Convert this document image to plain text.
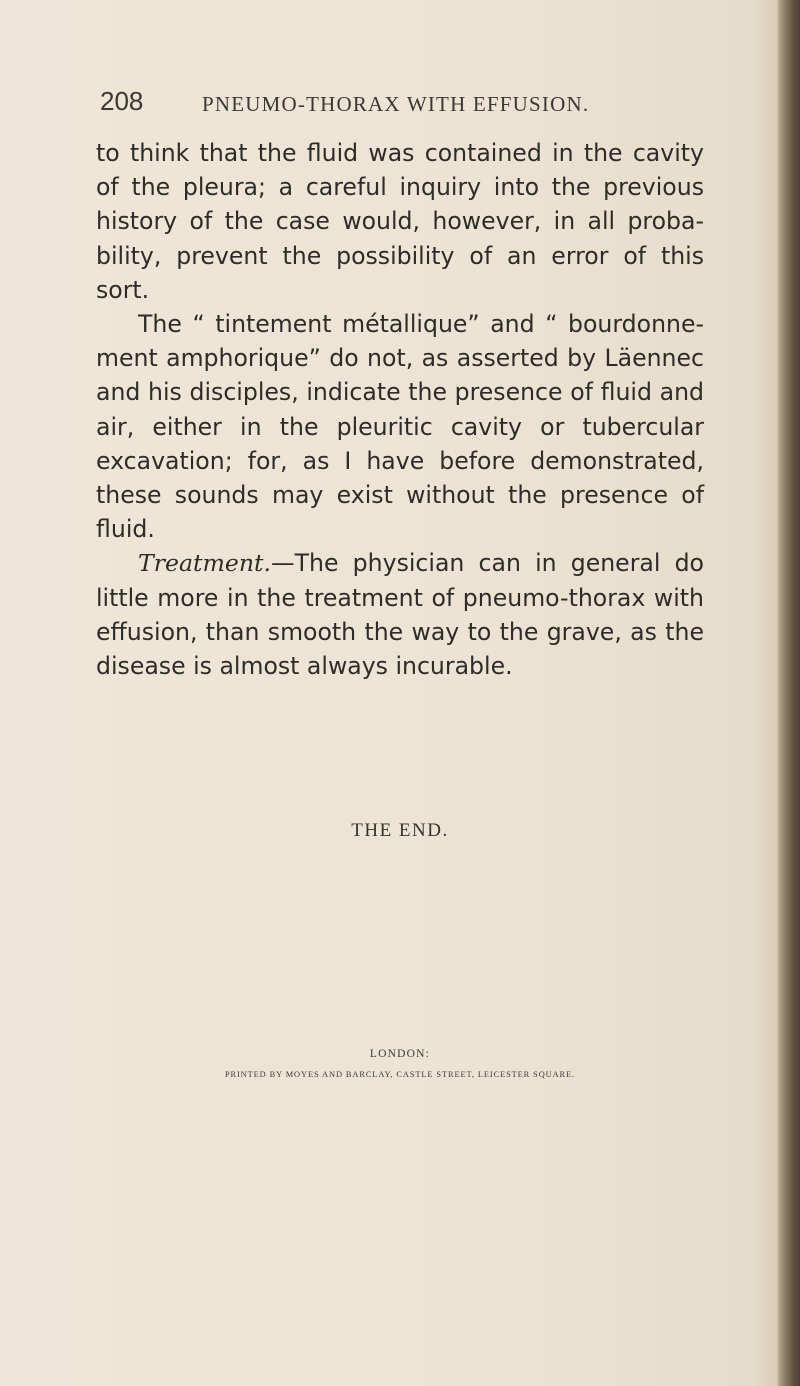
208	PNEUMO-THORAX WITH EFFUSION.
to think that the fluid was contained in the cavity
of the pleura; a careful inquiry into the previous
history of the case would, however, in all proba-
bility, prevent the possibility of an error of this
sort.
The “ tintement métallique” and “ bourdonne-
ment amphorique” do not, as asserted by Läennec
and his disciples, indicate the presence of fluid and
air, either in the pleuritic cavity or tubercular
excavation; for, as I have before demonstrated,
these sounds may exist without the presence of
fluid.
Treatment.—The physician can in general do
little more in the treatment of pneumo-thorax with
effusion, than smooth the way to the grave, as the
disease is almost always incurable.
THE END.
LONDON:
PRINTED BY MOYES AND BARCLAY, CASTLE STREET, LEICESTER SQUARE.
